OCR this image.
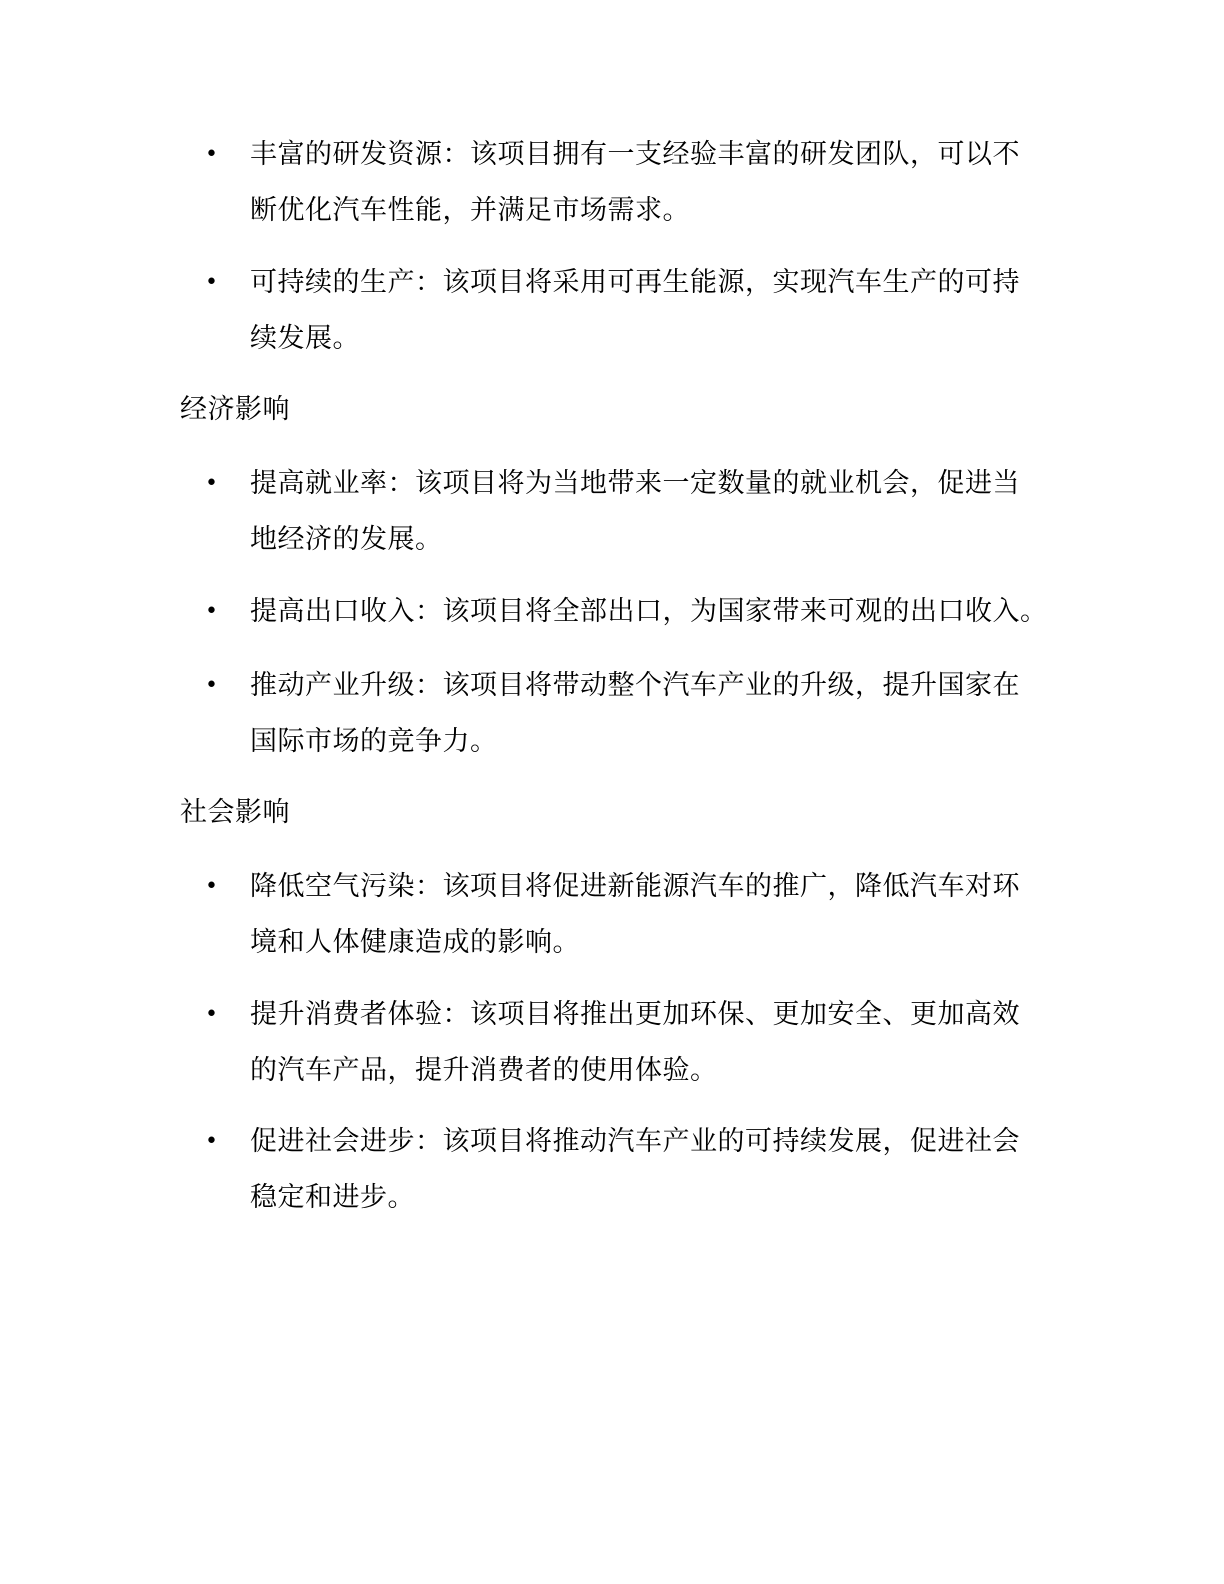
• 丰富的研发资源：该项目拥有一支经验丰富的研发团队，可以不
断优化汽车性能，并满足市场需求。
• 可持续的生产：该项目将采用可再生能源，实现汽车生产的可持
续发展。
经济影响
• 提高就业率：该项目将为当地带来一定数量的就业机会，促进当
地经济的发展。
• 提高出口收入：该项目将全部出口，为国家带来可观的出口收入。
• 推动产业升级：该项目将带动整个汽车产业的升级，提升国家在
国际市场的竞争力。
社会影响
• 降低空气污染：该项目将促进新能源汽车的推广，降低汽车对环
境和人体健康造成的影响。
• 提升消费者体验：该项目将推出更加环保、更加安全、更加高效
的汽车产品，提升消费者的使用体验。
• 促进社会进步：该项目将推动汽车产业的可持续发展，促进社会
稳定和进步。
